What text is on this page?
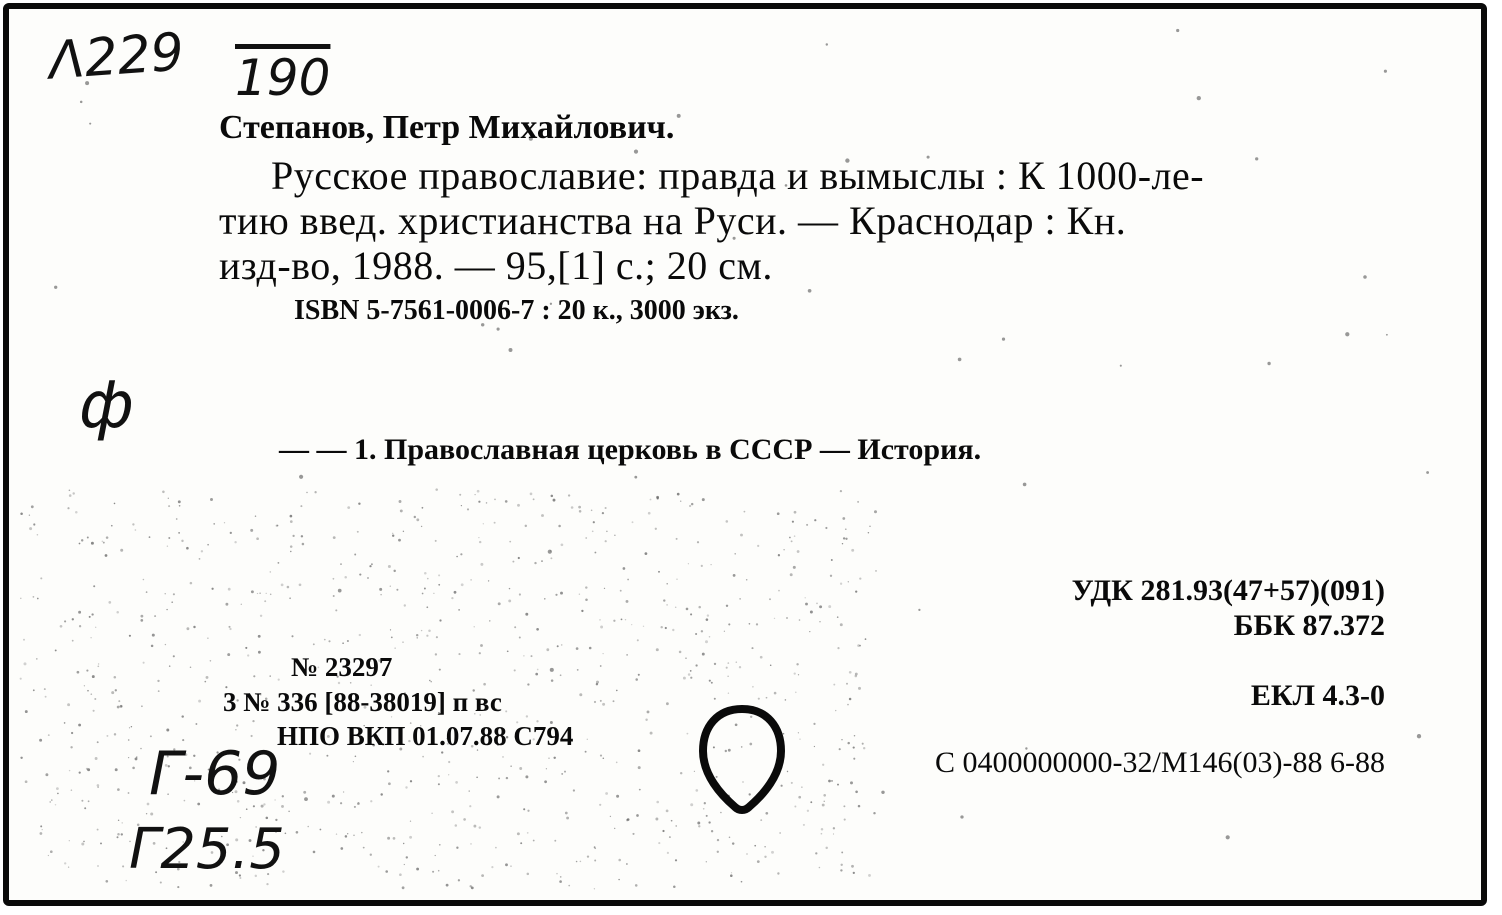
Λ229 190
ф
Г-69
Г25.5
Степанов, Петр Михайлович.
Русское православие: правда и вымыслы : К 1000-ле-
тию введ. христианства на Руси. — Краснодар : Кн.
изд-во, 1988. — 95,[1] с.; 20 см.
ISBN 5-7561-0006-7 : 20 к., 3000 экз.
— — 1. Православная церковь в СССР — История.
УДК 281.93(47+57)(091)
ББК 87.372
ЕКЛ 4.3-0
С 0400000000-32/М146(03)-88 6-88
№ 23297
3 № 336 [88-38019] п вс
НПО ВКП 01.07.88 С794
